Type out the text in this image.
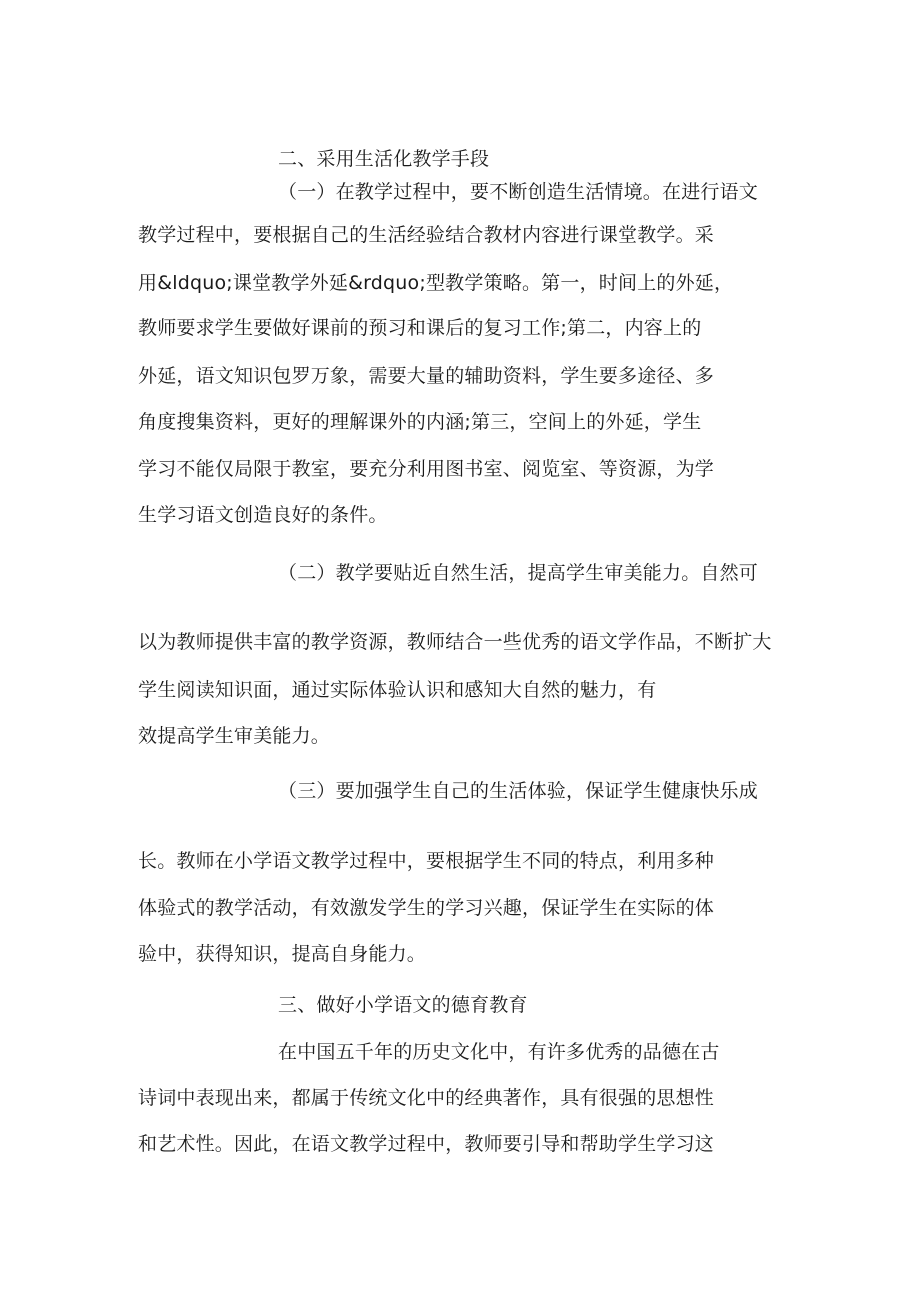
二、采用生活化教学手段
（一）在教学过程中，要不断创造生活情境。在进行语文
教学过程中，要根据自己的生活经验结合教材内容进行课堂教学。采
用&ldquo;课堂教学外延&rdquo;型教学策略。第一，时间上的外延，
教师要求学生要做好课前的预习和课后的复习工作;第二，内容上的
外延，语文知识包罗万象，需要大量的辅助资料，学生要多途径、多
角度搜集资料，更好的理解课外的内涵;第三，空间上的外延，学生
学习不能仅局限于教室，要充分利用图书室、阅览室、等资源，为学
生学习语文创造良好的条件。
（二）教学要贴近自然生活，提高学生审美能力。自然可
以为教师提供丰富的教学资源，教师结合一些优秀的语文学作品，不断扩大
学生阅读知识面，通过实际体验认识和感知大自然的魅力，有
效提高学生审美能力。
（三）要加强学生自己的生活体验，保证学生健康快乐成
长。教师在小学语文教学过程中，要根据学生不同的特点，利用多种
体验式的教学活动，有效激发学生的学习兴趣，保证学生在实际的体
验中，获得知识，提高自身能力。
三、做好小学语文的德育教育
在中国五千年的历史文化中，有许多优秀的品德在古
诗词中表现出来，都属于传统文化中的经典著作，具有很强的思想性
和艺术性。因此，在语文教学过程中，教师要引导和帮助学生学习这
